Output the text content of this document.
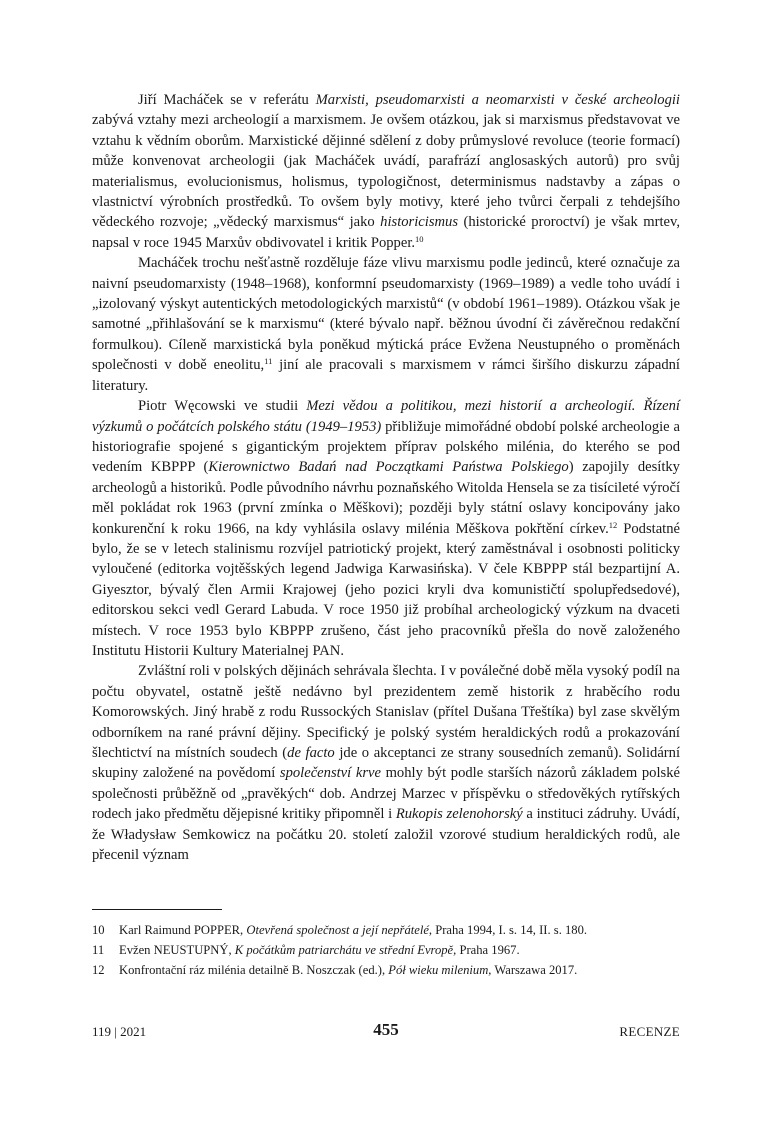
Jiří Macháček se v referátu Marxisti, pseudomarxisti a neomarxisti v české archeologii zabývá vztahy mezi archeologií a marxismem. Je ovšem otázkou, jak si marxismus představovat ve vztahu k vědním oborům. Marxistické dějinné sdělení z doby průmyslové revoluce (teorie formací) může konvenovat archeologii (jak Macháček uvádí, parafrází anglosaských autorů) pro svůj materialismus, evolucionismus, holismus, typologičnost, determinismus nadstavby a zápas o vlastnictví výrobních prostředků. To ovšem byly motivy, které jeho tvůrci čerpali z tehdejšího vědeckého rozvoje; „vědecký marxismus“ jako historicismus (historické proroctví) je však mrtev, napsal v roce 1945 Marxův obdivovatel i kritik Popper.$^{10}$

Macháček trochu nešťastně rozděluje fáze vlivu marxismu podle jedinců, které označuje za naivní pseudomarxisty (1948–1968), konformní pseudomarxisty (1969–1989) a vedle toho uvádí i „izolovaný výskyt autentických metodologických marxistů“ (v období 1961–1989). Otázkou však je samotné „přihlašování se k marxismu“ (které bývalo např. běžnou úvodní či závěrečnou redakční formulkou). Cíleně marxistická byla poněkud mýtická práce Evžena Neustupného o proměnách společnosti v době eneolitu,$^{11}$ jiní ale pracovali s marxismem v rámci širšího diskurzu západní literatury.

Piotr Węcowski ve studii Mezi vědou a politikou, mezi historií a archeologií. Řízení výzkumů o počátcích polského státu (1949–1953) přibližuje mimořádné období polské archeologie a historiografie spojené s gigantickým projektem příprav polského milénia, do kterého se pod vedením KBPPP (Kierownictwo Badań nad Początkami Państwa Polskiego) zapojily desítky archeologů a historiků. Podle původního návrhu poznaňského Witolda Hensela se za tisícileté výročí měl pokládat rok 1963 (první zmínka o Měškovi); později byly státní oslavy koncipovány jako konkurenční k roku 1966, na kdy vyhlásila oslavy milénia Měškova pokřtění církev.$^{12}$ Podstatné bylo, že se v letech stalinismu rozvíjel patriotický projekt, který zaměstnával i osobnosti politicky vyloučené (editorka vojtěšských legend Jadwiga Karwasińska). V čele KBPPP stál bezpartijní A. Giyesztor, bývalý člen Armii Krajowej (jeho pozici kryli dva komunističtí spolupředsedové), editorskou sekci vedl Gerard Labuda. V roce 1950 již probíhal archeologický výzkum na dvaceti místech. V roce 1953 bylo KBPPP zrušeno, část jeho pracovníků přešla do nově založeného Institutu Historii Kultury Materialnej PAN.

Zvláštní roli v polských dějinách sehrávala šlechta. I v poválečné době měla vysoký podíl na počtu obyvatel, ostatně ještě nedávno byl prezidentem země historik z hraběcího rodu Komorowských. Jiný hrabě z rodu Russockých Stanislav (přítel Dušana Třeštíka) byl zase skvělým odborníkem na rané právní dějiny. Specifický je polský systém heraldických rodů a prokazování šlechtictví na místních soudech (de facto jde o akceptanci ze strany sousedních zemanů). Solidární skupiny založené na povědomí společenství krve mohly být podle starších názorů základem polské společnosti průběžně od „pravěkých“ dob. Andrzej Marzec v příspěvku o středověkých rytířských rodech jako předmětu dějepisné kritiky připomněl i Rukopis zelenohorský a instituci zádruhy. Uvádí, že Władysław Semkowicz na počátku 20. století založil vzorové studium heraldických rodů, ale přecenil význam

10	Karl Raimund POPPER, Otevřená společnost a její nepřátelé, Praha 1994, I. s. 14, II. s. 180.
11	Evžen NEUSTUPNÝ, K počátkům patriarchátu ve střední Evropě, Praha 1967.
12	Konfrontační ráz milénia detailně B. Noszczak (ed.), Pół wieku milenium, Warszawa 2017.
119 | 2021	455	RECENZE
